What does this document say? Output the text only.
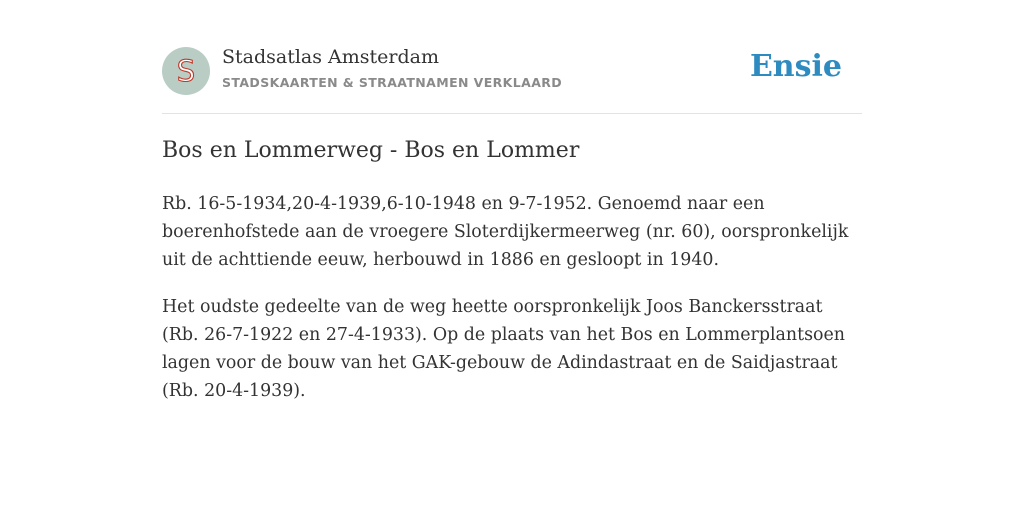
S Stadsatlas Amsterdam
STADSKAARTEN & STRAATNAMEN VERKLAARD	Ensie
Bos en Lommerweg - Bos en Lommer

Rb. 16-5-1934,20-4-1939,6-10-1948 en 9-7-1952. Genoemd naar een boerenhofstede aan de vroegere Sloterdijkermeerweg (nr. 60), oorspronkelijk uit de achttiende eeuw, herbouwd in 1886 en gesloopt in 1940.

Het oudste gedeelte van de weg heette oorspronkelijk Joos Banckersstraat (Rb. 26-7-1922 en 27-4-1933). Op de plaats van het Bos en Lommerplantsoen lagen voor de bouw van het GAK-gebouw de Adindastraat en de Saidjastraat (Rb. 20-4-1939).
